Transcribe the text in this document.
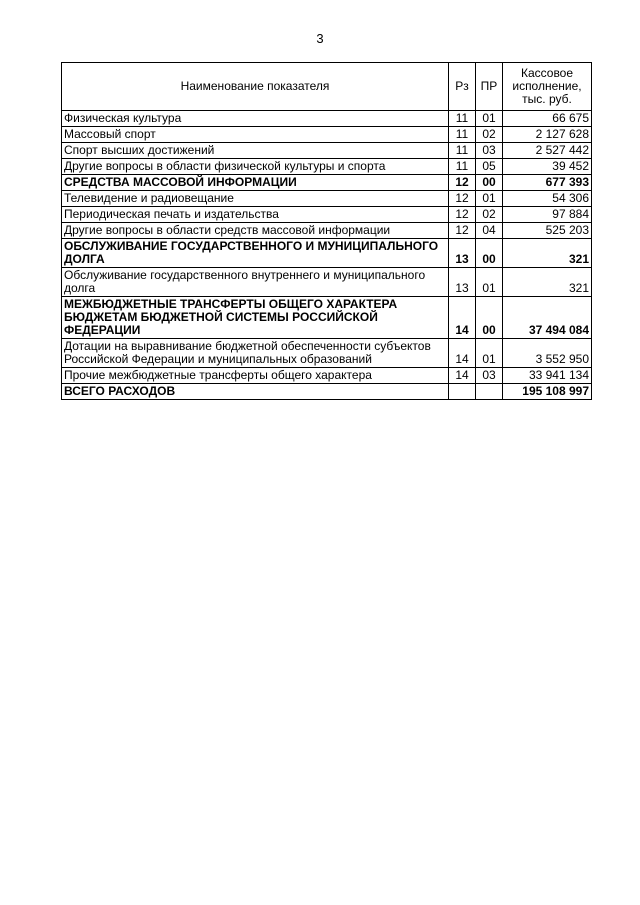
3
Наименование показателя	Рз	ПР	Кассовое
исполнение,
тыс. руб.

Физическая культура	11	01	66 675
Массовый спорт	11	02	2 127 628
Спорт высших достижений	11	03	2 527 442
Другие вопросы в области физической культуры и спорта	11	05	39 452
СРЕДСТВА МАССОВОЙ ИНФОРМАЦИИ	12	00	677 393
Телевидение и радиовещание	12	01	54 306
Периодическая печать и издательства	12	02	97 884
Другие вопросы в области средств массовой информации	12	04	525 203
ОБСЛУЖИВАНИЕ ГОСУДАРСТВЕННОГО И МУНИЦИПАЛЬНОГО ДОЛГА	13	00	321
Обслуживание государственного внутреннего и муниципального долга	13	01	321
МЕЖБЮДЖЕТНЫЕ ТРАНСФЕРТЫ ОБЩЕГО ХАРАКТЕРА БЮДЖЕТАМ БЮДЖЕТНОЙ СИСТЕМЫ РОССИЙСКОЙ ФЕДЕРАЦИИ	14	00	37 494 084
Дотации на выравнивание бюджетной обеспеченности субъектов Российской Федерации и муниципальных образований	14	01	3 552 950
Прочие межбюджетные трансферты общего характера	14	03	33 941 134
ВСЕГО РАСХОДОВ			195 108 997
